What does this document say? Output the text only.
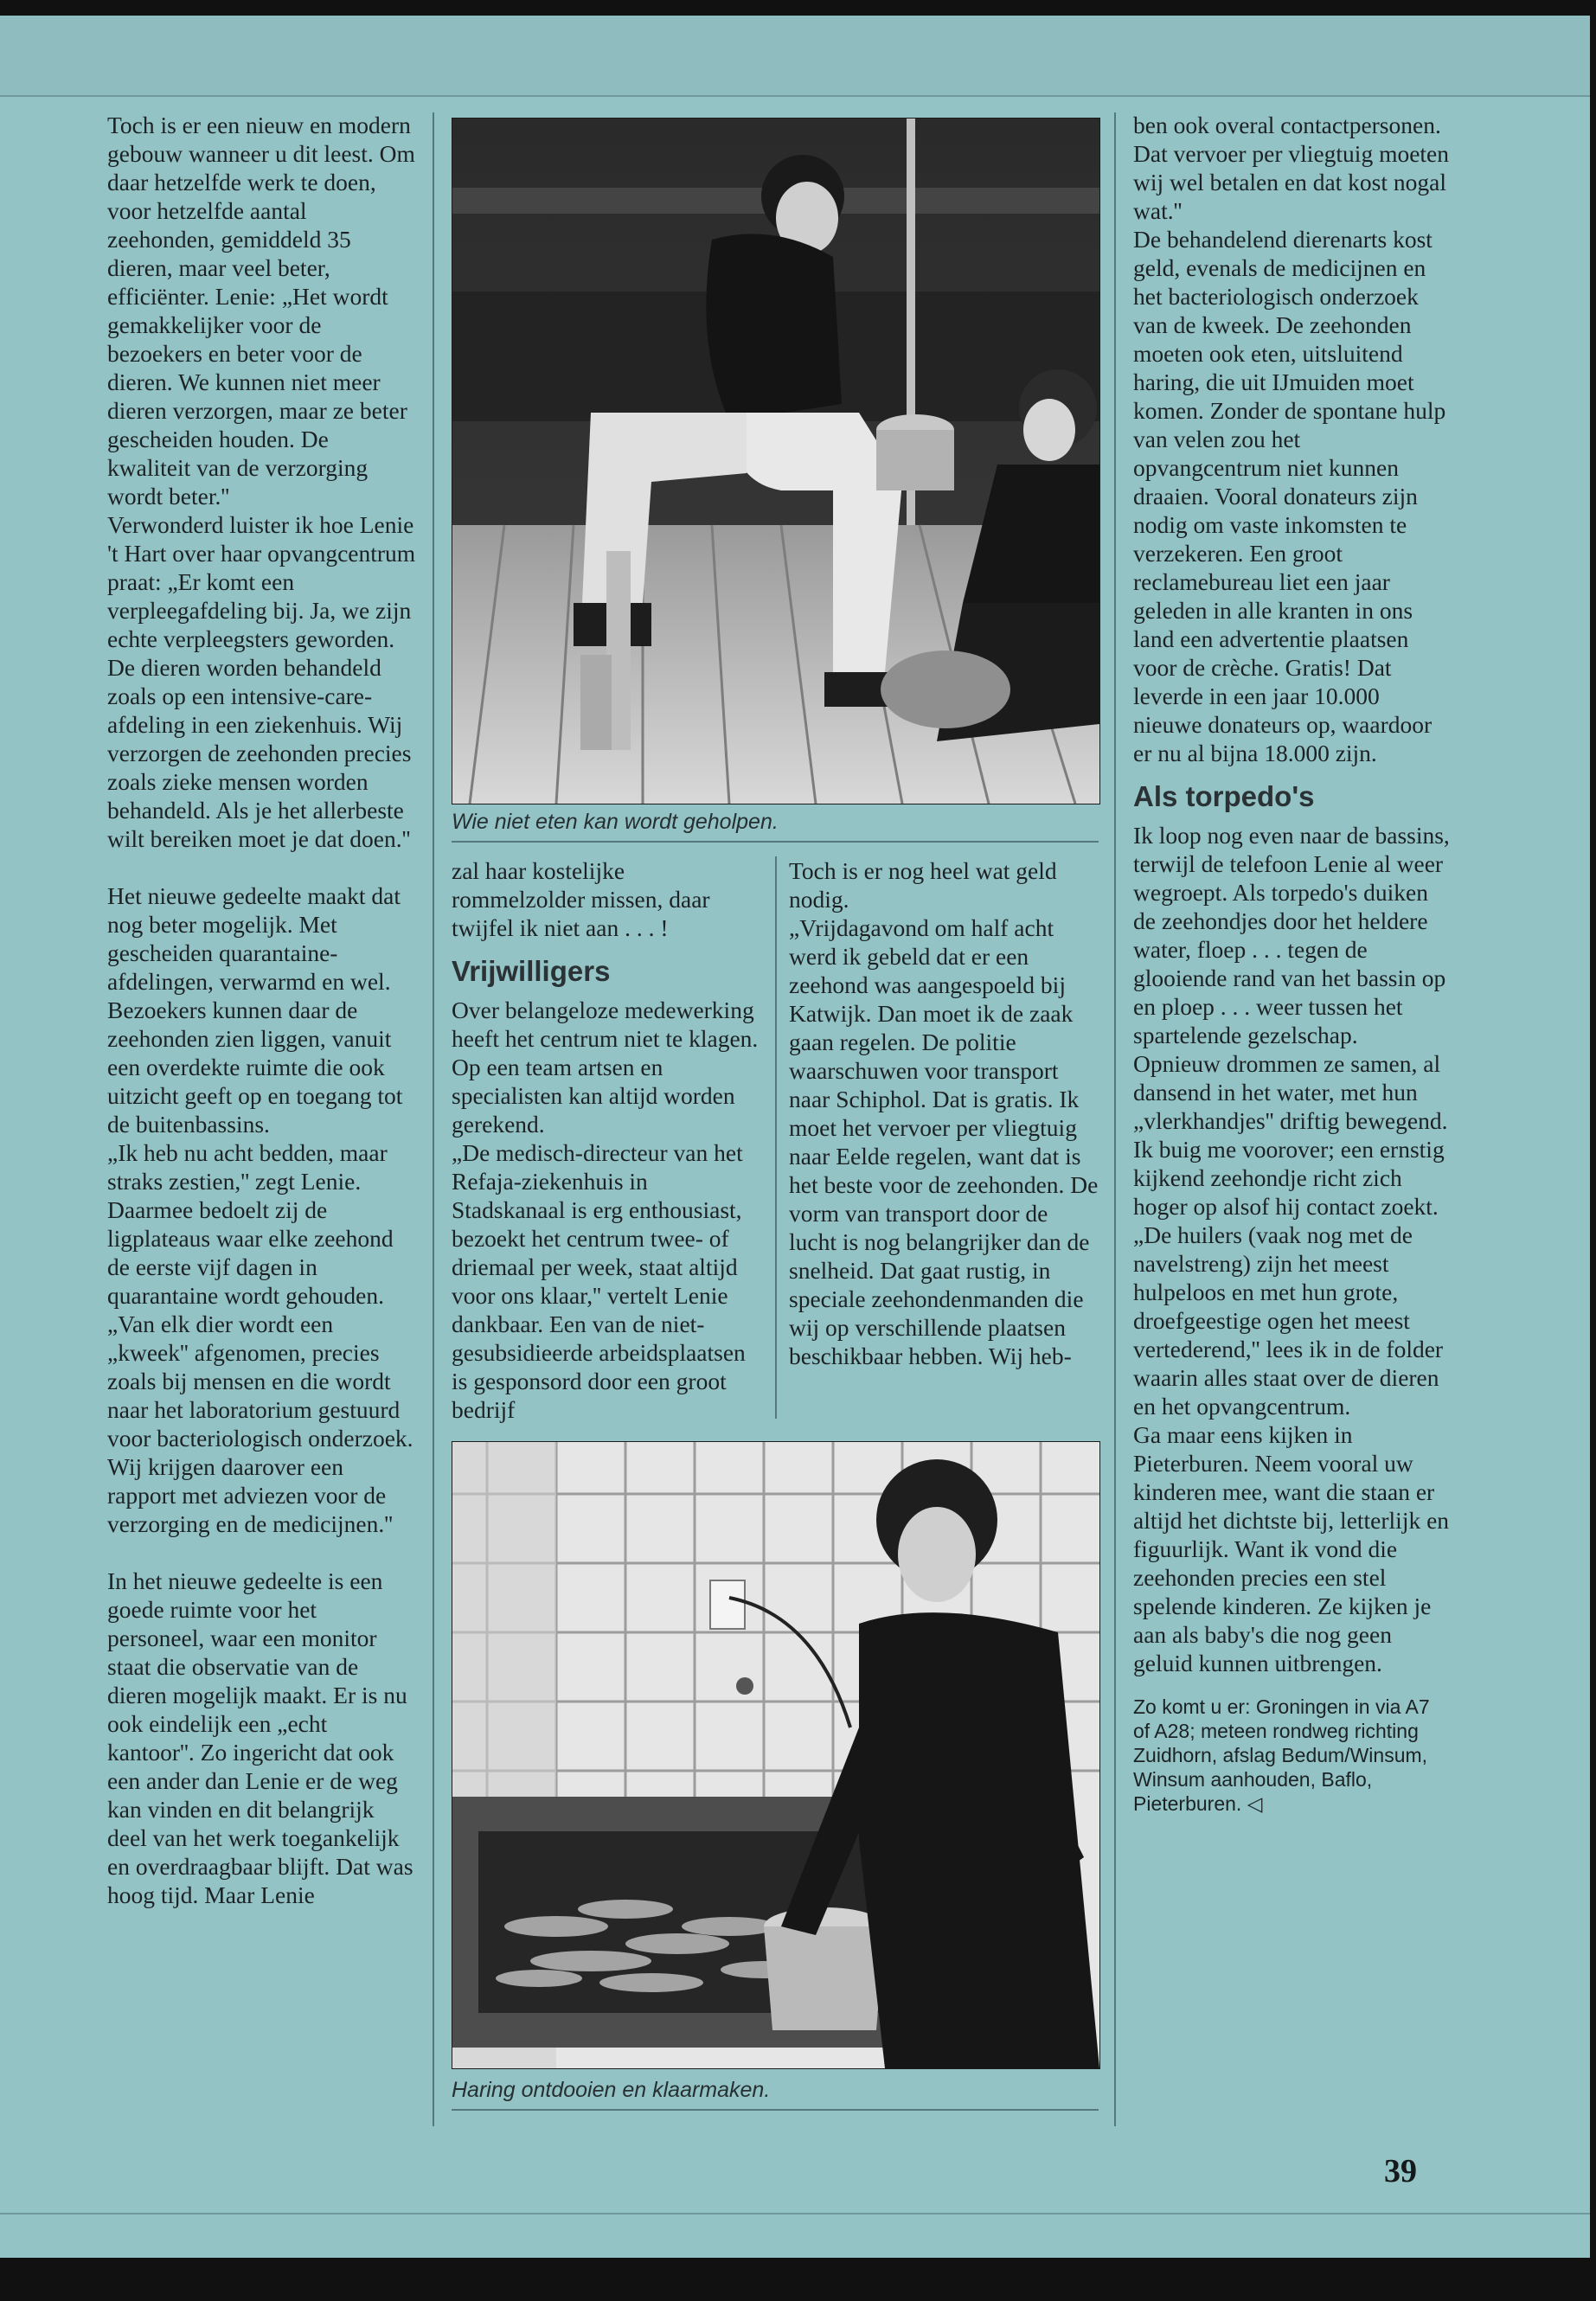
Toch is er een nieuw en modern gebouw wanneer u dit leest. Om daar hetzelfde werk te doen, voor hetzelfde aantal zeehonden, gemiddeld 35 dieren, maar veel beter, efficiënter. Lenie: „Het wordt gemakkelijker voor de bezoekers en beter voor de dieren. We kunnen niet meer dieren verzorgen, maar ze beter gescheiden houden. De kwaliteit van de verzorging wordt beter.''

Verwonderd luister ik hoe Lenie 't Hart over haar opvangcentrum praat: „Er komt een verpleegafdeling bij. Ja, we zijn echte verpleegsters geworden. De dieren worden behandeld zoals op een intensive-care-afdeling in een ziekenhuis. Wij verzorgen de zeehonden precies zoals zieke mensen worden behandeld. Als je het allerbeste wilt bereiken moet je dat doen.''

Het nieuwe gedeelte maakt dat nog beter mogelijk. Met gescheiden quarantaine-afdelingen, verwarmd en wel. Bezoekers kunnen daar de zeehonden zien liggen, vanuit een overdekte ruimte die ook uitzicht geeft op en toegang tot de buitenbassins.

„Ik heb nu acht bedden, maar straks zestien,'' zegt Lenie. Daarmee bedoelt zij de ligplateaus waar elke zeehond de eerste vijf dagen in quarantaine wordt gehouden. „Van elk dier wordt een „kweek'' afgenomen, precies zoals bij mensen en die wordt naar het laboratorium gestuurd voor bacteriologisch onderzoek. Wij krijgen daarover een rapport met adviezen voor de verzorging en de medicijnen.''

In het nieuwe gedeelte is een goede ruimte voor het personeel, waar een monitor staat die observatie van de dieren mogelijk maakt. Er is nu ook eindelijk een „echt kantoor''. Zo ingericht dat ook een ander dan Lenie er de weg kan vinden en dit belangrijk deel van het werk toegankelijk en overdraagbaar blijft. Dat was hoog tijd. Maar Lenie

Wie niet eten kan wordt geholpen.

zal haar kostelijke rommelzolder missen, daar twijfel ik niet aan . . . !

Vrijwilligers

Over belangeloze medewerking heeft het centrum niet te klagen. Op een team artsen en specialisten kan altijd worden gerekend.

„De medisch-directeur van het Refaja-ziekenhuis in Stadskanaal is erg enthousiast, bezoekt het centrum twee- of driemaal per week, staat altijd voor ons klaar,'' vertelt Lenie dankbaar. Een van de niet-gesubsidieerde arbeidsplaatsen is gesponsord door een groot bedrijf

Toch is er nog heel wat geld nodig.

„Vrijdagavond om half acht werd ik gebeld dat er een zeehond was aangespoeld bij Katwijk. Dan moet ik de zaak gaan regelen. De politie waarschuwen voor transport naar Schiphol. Dat is gratis. Ik moet het vervoer per vliegtuig naar Eelde regelen, want dat is het beste voor de zeehonden. De vorm van transport door de lucht is nog belangrijker dan de snelheid. Dat gaat rustig, in speciale zeehondenmanden die wij op verschillende plaatsen beschikbaar hebben. Wij heb-

Haring ontdooien en klaarmaken.

ben ook overal contactpersonen. Dat vervoer per vliegtuig moeten wij wel betalen en dat kost nogal wat.''

De behandelend dierenarts kost geld, evenals de medicijnen en het bacteriologisch onderzoek van de kweek. De zeehonden moeten ook eten, uitsluitend haring, die uit IJmuiden moet komen. Zonder de spontane hulp van velen zou het opvangcentrum niet kunnen draaien. Vooral donateurs zijn nodig om vaste inkomsten te verzekeren. Een groot reclamebureau liet een jaar geleden in alle kranten in ons land een advertentie plaatsen voor de crèche. Gratis! Dat leverde in een jaar 10.000 nieuwe donateurs op, waardoor er nu al bijna 18.000 zijn.

Als torpedo's

Ik loop nog even naar de bassins, terwijl de telefoon Lenie al weer wegroept. Als torpedo's duiken de zeehondjes door het heldere water, floep . . . tegen de glooiende rand van het bassin op en ploep . . . weer tussen het spartelende gezelschap. Opnieuw drommen ze samen, al dansend in het water, met hun „vlerkhandjes'' driftig bewegend. Ik buig me voorover; een ernstig kijkend zeehondje richt zich hoger op alsof hij contact zoekt.

„De huilers (vaak nog met de navelstreng) zijn het meest hulpeloos en met hun grote, droefgeestige ogen het meest vertederend,'' lees ik in de folder waarin alles staat over de dieren en het opvangcentrum.

Ga maar eens kijken in Pieterburen. Neem vooral uw kinderen mee, want die staan er altijd het dichtste bij, letterlijk en figuurlijk. Want ik vond die zeehonden precies een stel spelende kinderen. Ze kijken je aan als baby's die nog geen geluid kunnen uitbrengen.

Zo komt u er: Groningen in via A7 of A28; meteen rondweg richting Zuidhorn, afslag Bedum/Winsum, Winsum aanhouden, Baflo, Pieterburen. ◁

39
